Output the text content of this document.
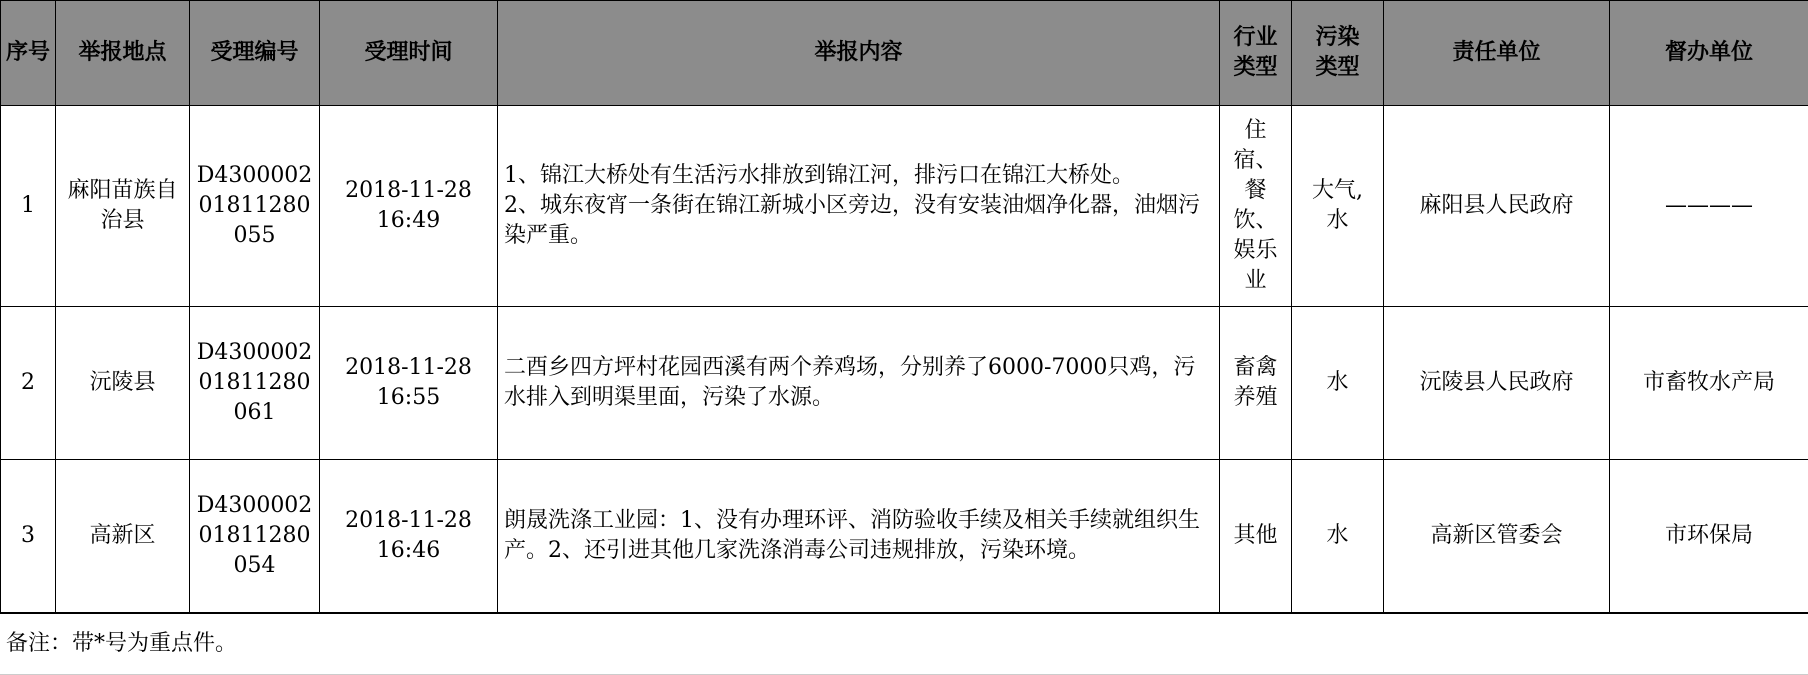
序号	举报地点	受理编号	受理时间	举报内容	行业类型	污染类型	责任单位	督办单位
1	麻阳苗族自治县	D430000201811280055	2018-11-28 16:49	1、锦江大桥处有生活污水排放到锦江河，排污口在锦江大桥处。
2、城东夜宵一条街在锦江新城小区旁边，没有安装油烟净化器，油烟污染严重。	住宿、餐饮、娱乐业	大气,水	麻阳县人民政府	————
2	沅陵县	D430000201811280061	2018-11-28 16:55	二酉乡四方坪村花园西溪有两个养鸡场，分别养了6000-7000只鸡，污水排入到明渠里面，污染了水源。	畜禽养殖	水	沅陵县人民政府	市畜牧水产局
3	高新区	D430000201811280054	2018-11-28 16:46	朗晟洗涤工业园：1、没有办理环评、消防验收手续及相关手续就组织生产。2、还引进其他几家洗涤消毒公司违规排放，污染环境。	其他	水	高新区管委会	市环保局
备注：带*号为重点件。
